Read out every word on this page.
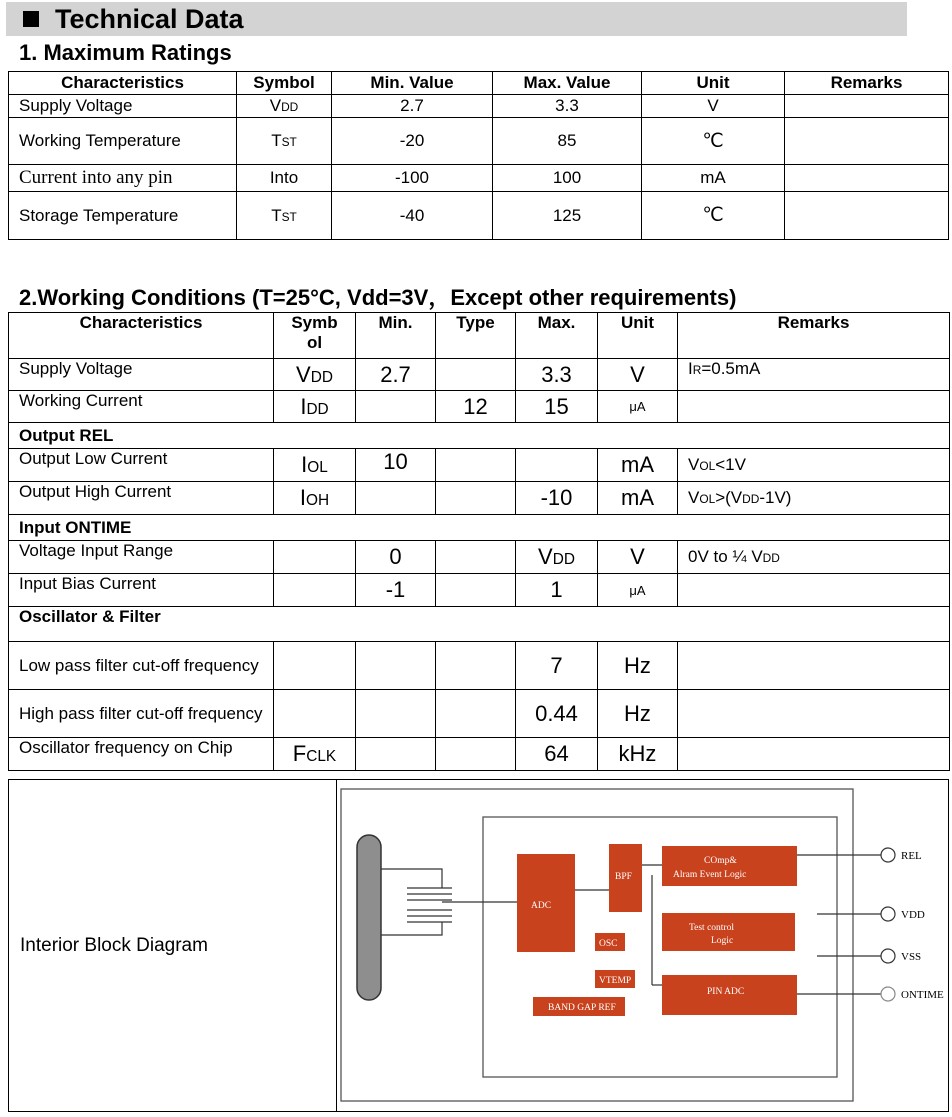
Technical Data
1. Maximum Ratings
Characteristics	Symbol	Min. Value	Max. Value	Unit	Remarks
Supply Voltage	VDD	2.7	3.3	V	
Working Temperature	TST	-20	85	℃	
Current into any pin	Into	-100	100	mA	
Storage Temperature	TST	-40	125	℃	
2.Working Conditions (T=25°C, Vdd=3V，Except other requirements)
Characteristics	Symb ol	Min.	Type	Max.	Unit	Remarks
Supply Voltage	VDD	2.7		3.3	V	IR=0.5mA
Working Current	IDD		12	15	μA	
Output REL						
Output Low Current	IOL	10			mA	VOL<1V
Output High Current	IOH			-10	mA	VOL>(VDD-1V)
Input ONTIME						
Voltage Input Range		0		VDD	V	0V to ¼ VDD
Input Bias Current		-1		1	μA	
Oscillator & Filter						
Low pass filter cut-off frequency				7	Hz	
High pass filter cut-off frequency				0.44	Hz	
Oscillator frequency on Chip	FCLK			64	kHz	
Interior Block Diagram
ADC
BPF
COmp&
Alram Event Logic
Test control
Logic
OSC
VTEMP
BAND GAP REF
PIN ADC
REL
VDD
VSS
ONTIME
